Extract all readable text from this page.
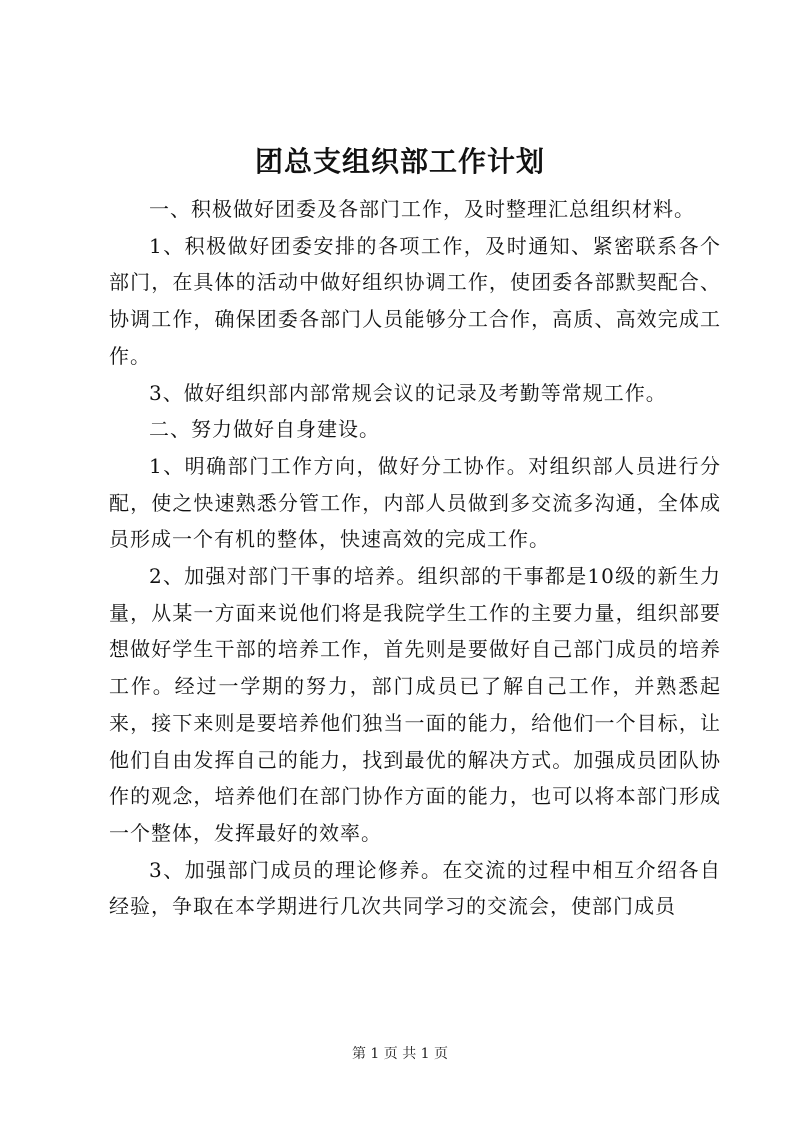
团总支组织部工作计划

一、积极做好团委及各部门工作，及时整理汇总组织材料。

1、积极做好团委安排的各项工作，及时通知、紧密联系各个部门，在具体的活动中做好组织协调工作，使团委各部默契配合、协调工作，确保团委各部门人员能够分工合作，高质、高效完成工作。

3、做好组织部内部常规会议的记录及考勤等常规工作。

二、努力做好自身建设。

1、明确部门工作方向，做好分工协作。对组织部人员进行分配，使之快速熟悉分管工作，内部人员做到多交流多沟通，全体成员形成一个有机的整体，快速高效的完成工作。

2、加强对部门干事的培养。组织部的干事都是10级的新生力量，从某一方面来说他们将是我院学生工作的主要力量，组织部要想做好学生干部的培养工作，首先则是要做好自己部门成员的培养工作。经过一学期的努力，部门成员已了解自己工作，并熟悉起来，接下来则是要培养他们独当一面的能力，给他们一个目标，让他们自由发挥自己的能力，找到最优的解决方式。加强成员团队协作的观念，培养他们在部门协作方面的能力，也可以将本部门形成一个整体，发挥最好的效率。

3、加强部门成员的理论修养。在交流的过程中相互介绍各自经验，争取在本学期进行几次共同学习的交流会，使部门成员

第 1 页 共 1 页
